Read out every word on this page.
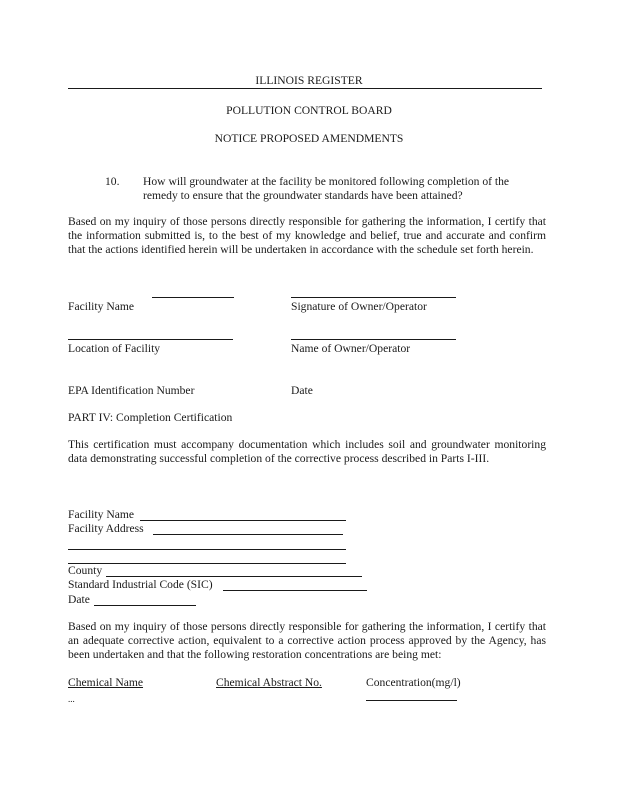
ILLINOIS REGISTER
POLLUTION CONTROL BOARD
NOTICE PROPOSED AMENDMENTS
10. How will groundwater at the facility be monitored following completion of the remedy to ensure that the groundwater standards have been attained?
Based on my inquiry of those persons directly responsible for gathering the information, I certify that the information submitted is, to the best of my knowledge and belief, true and accurate and confirm that the actions identified herein will be undertaken in accordance with the schedule set forth herein.
Facility Name	Signature of Owner/Operator
Location of Facility	Name of Owner/Operator
EPA Identification Number	Date
PART IV: Completion Certification
This certification must accompany documentation which includes soil and groundwater monitoring data demonstrating successful completion of the corrective process described in Parts I-III.
Facility Name
Facility Address
County
Standard Industrial Code (SIC)
Date
Based on my inquiry of those persons directly responsible for gathering the information, I certify that an adequate corrective action, equivalent to a corrective action process approved by the Agency, has been undertaken and that the following restoration concentrations are being met:
Chemical Name	Chemical Abstract No.	Concentration(mg/l)
...
